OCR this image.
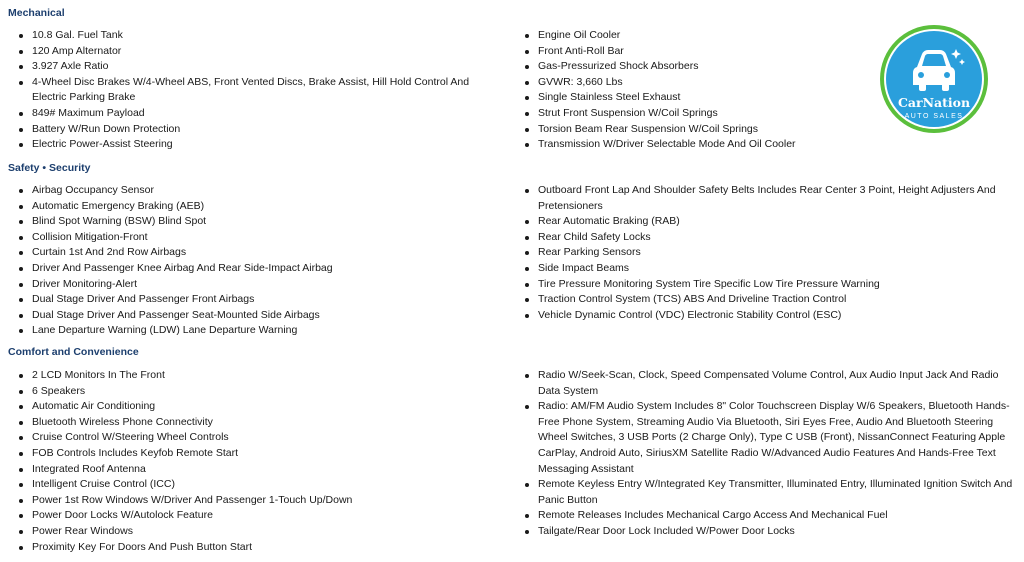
Mechanical
10.8 Gal. Fuel Tank
120 Amp Alternator
3.927 Axle Ratio
4-Wheel Disc Brakes W/4-Wheel ABS, Front Vented Discs, Brake Assist, Hill Hold Control And Electric Parking Brake
849# Maximum Payload
Battery W/Run Down Protection
Electric Power-Assist Steering
Engine Oil Cooler
Front Anti-Roll Bar
Gas-Pressurized Shock Absorbers
GVWR: 3,660 Lbs
Single Stainless Steel Exhaust
Strut Front Suspension W/Coil Springs
Torsion Beam Rear Suspension W/Coil Springs
Transmission W/Driver Selectable Mode And Oil Cooler
Safety • Security
Airbag Occupancy Sensor
Automatic Emergency Braking (AEB)
Blind Spot Warning (BSW) Blind Spot
Collision Mitigation-Front
Curtain 1st And 2nd Row Airbags
Driver And Passenger Knee Airbag And Rear Side-Impact Airbag
Driver Monitoring-Alert
Dual Stage Driver And Passenger Front Airbags
Dual Stage Driver And Passenger Seat-Mounted Side Airbags
Lane Departure Warning (LDW) Lane Departure Warning
Outboard Front Lap And Shoulder Safety Belts Includes Rear Center 3 Point, Height Adjusters And Pretensioners
Rear Automatic Braking (RAB)
Rear Child Safety Locks
Rear Parking Sensors
Side Impact Beams
Tire Pressure Monitoring System Tire Specific Low Tire Pressure Warning
Traction Control System (TCS) ABS And Driveline Traction Control
Vehicle Dynamic Control (VDC) Electronic Stability Control (ESC)
Comfort and Convenience
2 LCD Monitors In The Front
6 Speakers
Automatic Air Conditioning
Bluetooth Wireless Phone Connectivity
Cruise Control W/Steering Wheel Controls
FOB Controls Includes Keyfob Remote Start
Integrated Roof Antenna
Intelligent Cruise Control (ICC)
Power 1st Row Windows W/Driver And Passenger 1-Touch Up/Down
Power Door Locks W/Autolock Feature
Power Rear Windows
Proximity Key For Doors And Push Button Start
Radio W/Seek-Scan, Clock, Speed Compensated Volume Control, Aux Audio Input Jack And Radio Data System
Radio: AM/FM Audio System Includes 8" Color Touchscreen Display W/6 Speakers, Bluetooth Hands-Free Phone System, Streaming Audio Via Bluetooth, Siri Eyes Free, Audio And Bluetooth Steering Wheel Switches, 3 USB Ports (2 Charge Only), Type C USB (Front), NissanConnect Featuring Apple CarPlay, Android Auto, SiriusXM Satellite Radio W/Advanced Audio Features And Hands-Free Text Messaging Assistant
Remote Keyless Entry W/Integrated Key Transmitter, Illuminated Entry, Illuminated Ignition Switch And Panic Button
Remote Releases Includes Mechanical Cargo Access And Mechanical Fuel
Tailgate/Rear Door Lock Included W/Power Door Locks
CarNation
AUTO SALES
